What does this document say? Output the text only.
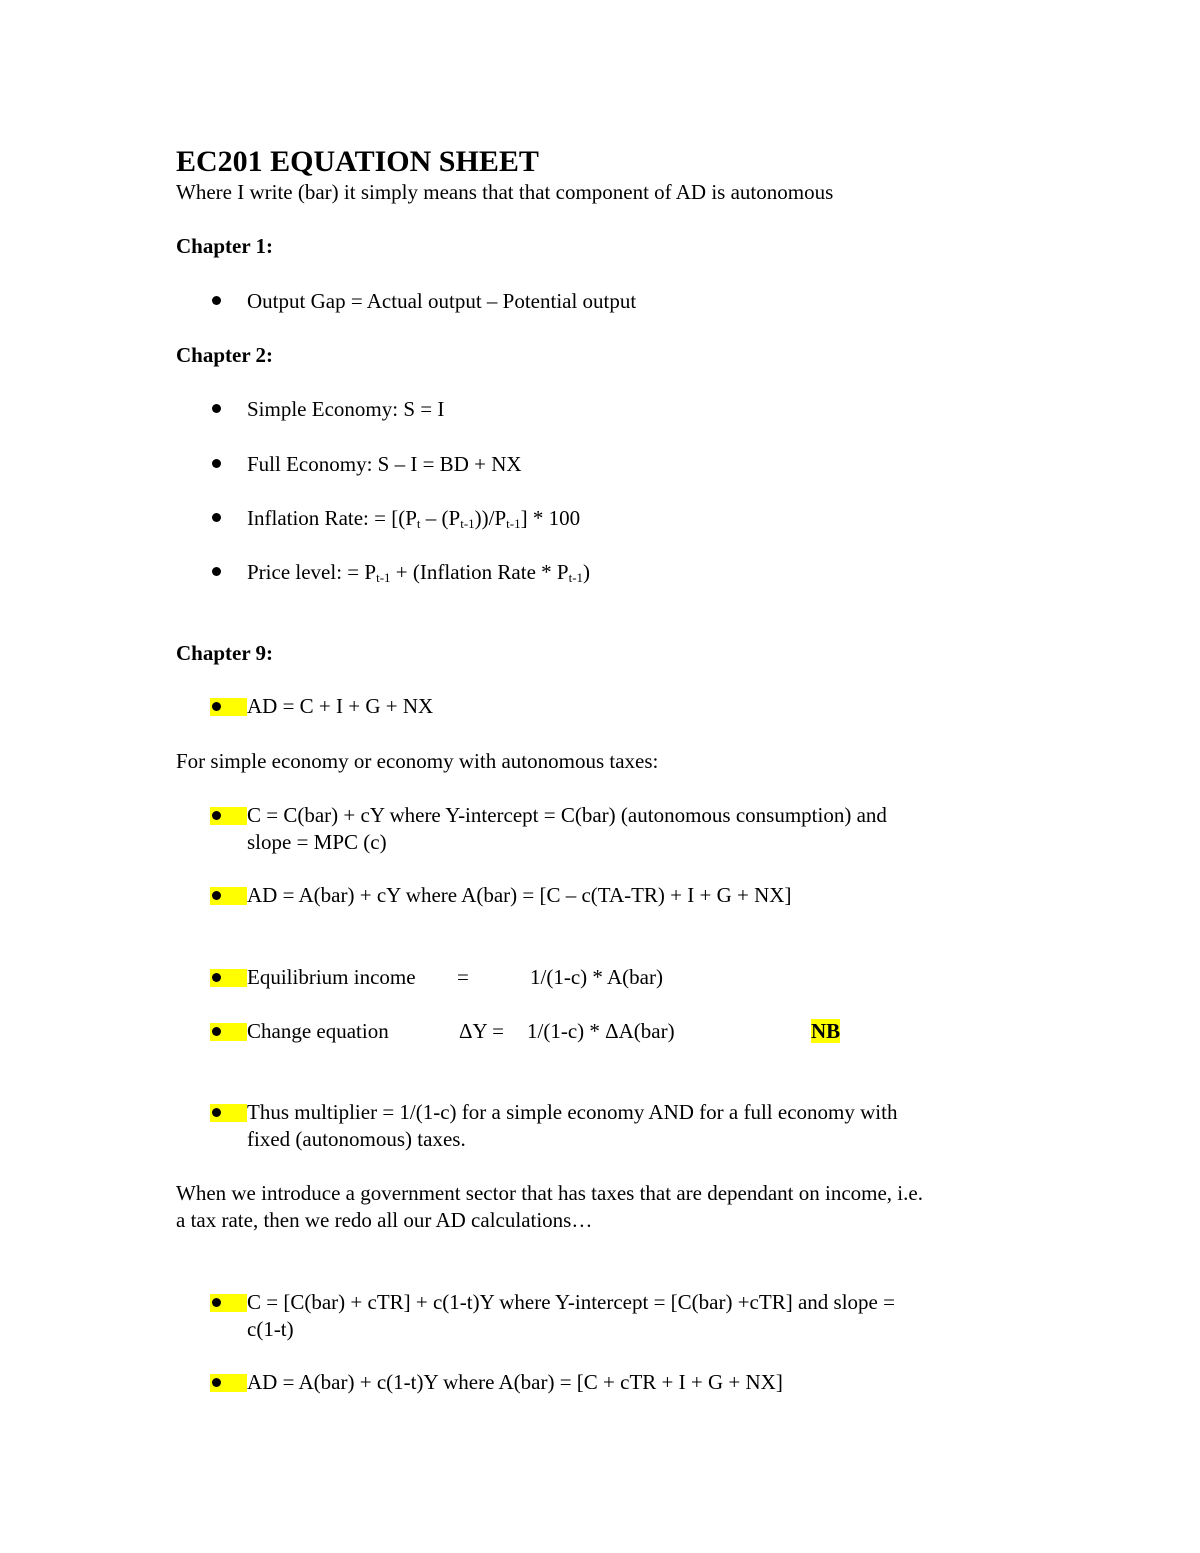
EC201 EQUATION SHEET
Where I write (bar) it simply means that that component of AD is autonomous
Chapter 1:
Output Gap = Actual output – Potential output
Chapter 2:
Simple Economy: S = I
Full Economy: S – I = BD + NX
Inflation Rate: = $[(P_t - (P_{t-1}))/P_{t-1}] * 100$
Price level: = $P_{t-1}$ + (Inflation Rate * $P_{t-1}$)
Chapter 9:
AD = C + I + G + NX
For simple economy or economy with autonomous taxes:
C = C(bar) + cY where Y-intercept = C(bar) (autonomous consumption) and
slope = MPC (c)
AD = A(bar) + cY where A(bar) = [C – c(TA-TR) + I + G + NX]
Equilibrium income =	1/(1-c) * A(bar)
Change equation	ΔY = 1/(1-c) * ΔA(bar)	NB
Thus multiplier = 1/(1-c) for a simple economy AND for a full economy with
fixed (autonomous) taxes.
When we introduce a government sector that has taxes that are dependant on income, i.e.
a tax rate, then we redo all our AD calculations…
C = [C(bar) + cTR] + c(1-t)Y where Y-intercept = [C(bar) +cTR] and slope =
c(1-t)
AD = A(bar) + c(1-t)Y where A(bar) = [C + cTR + I + G + NX]
